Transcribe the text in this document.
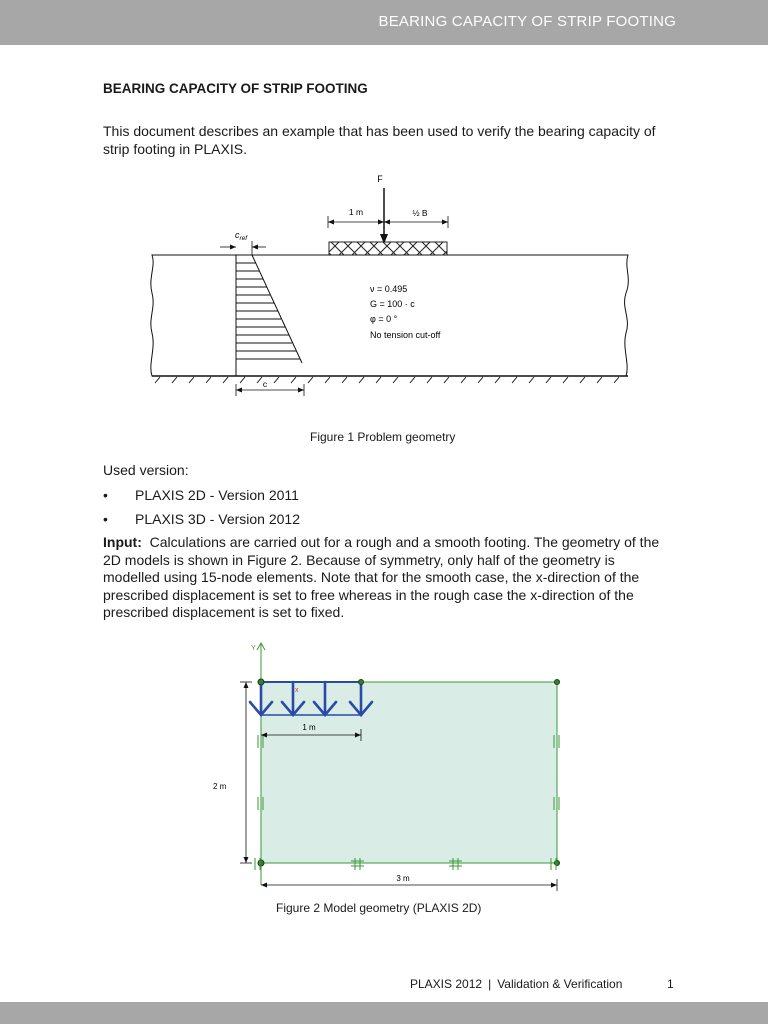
BEARING CAPACITY OF STRIP FOOTING
BEARING CAPACITY OF STRIP FOOTING

This document describes an example that has been used to verify the bearing capacity of strip footing in PLAXIS.

F
1 m	½ B
$c_{ref}$
c
ν = 0.495
G = 100 · c
φ = 0 °
No tension cut-off
Figure 1 Problem geometry
Used version:
• PLAXIS 2D - Version 2011
• PLAXIS 3D - Version 2012

Input: Calculations are carried out for a rough and a smooth footing. The geometry of the 2D models is shown in Figure 2. Because of symmetry, only half of the geometry is modelled using 15-node elements. Note that for the smooth case, the x-direction of the prescribed displacement is set to free whereas in the rough case the x-direction of the prescribed displacement is set to fixed.

Y
x
1 m
2 m
3 m
Figure 2 Model geometry (PLAXIS 2D)
PLAXIS 2012 | Validation & Verification	1
